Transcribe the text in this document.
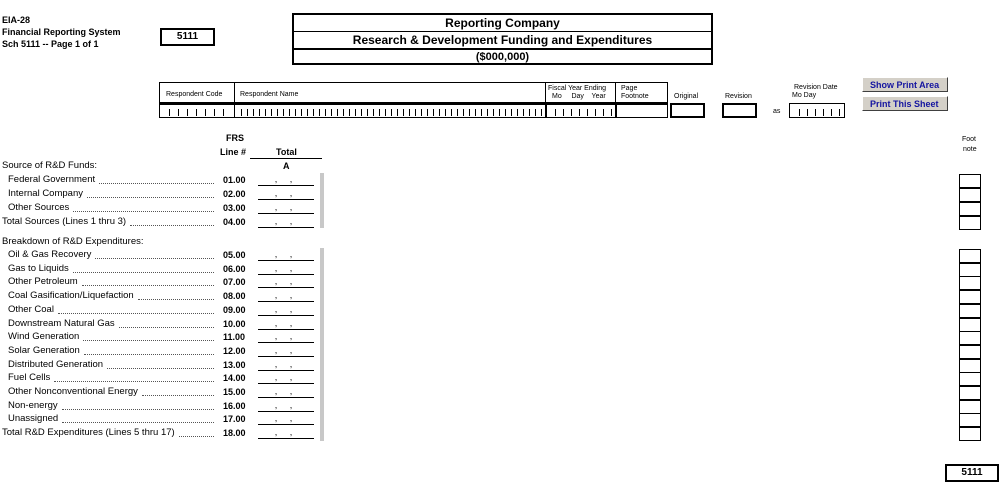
EIA-28
Financial Reporting System
Sch 5111 -- Page 1 of 1
5111
Reporting Company
Research & Development Funding and Expenditures
($000,000)
Respondent Code	Respondent Name
Fiscal Year Ending
Mo     Day    Year
Page
Footnote	Original	Revision
as
Revision Date
Mo Day
Show Print Area
Print This Sheet
FRS
Line #	Total
A
Foot
note
Source of R&D Funds:
Breakdown of R&D Expenditures:
Federal Government	01.00	, ,
Internal Company	02.00	, ,
Other Sources	03.00	, ,
Total Sources (Lines 1 thru 3)	04.00	, ,
Oil & Gas Recovery	05.00	, ,
Gas to Liquids	06.00	, ,
Other Petroleum	07.00	, ,
Coal Gasification/Liquefaction	08.00	, ,
Other Coal	09.00	, ,
Downstream Natural Gas	10.00	, ,
Wind Generation	11.00	, ,
Solar Generation	12.00	, ,
Distributed Generation	13.00	, ,
Fuel Cells	14.00	, ,
Other Nonconventional Energy	15.00	, ,
Non-energy	16.00	, ,
Unassigned	17.00	, ,
Total R&D Expenditures (Lines 5 thru 17)	18.00	, ,
5111
